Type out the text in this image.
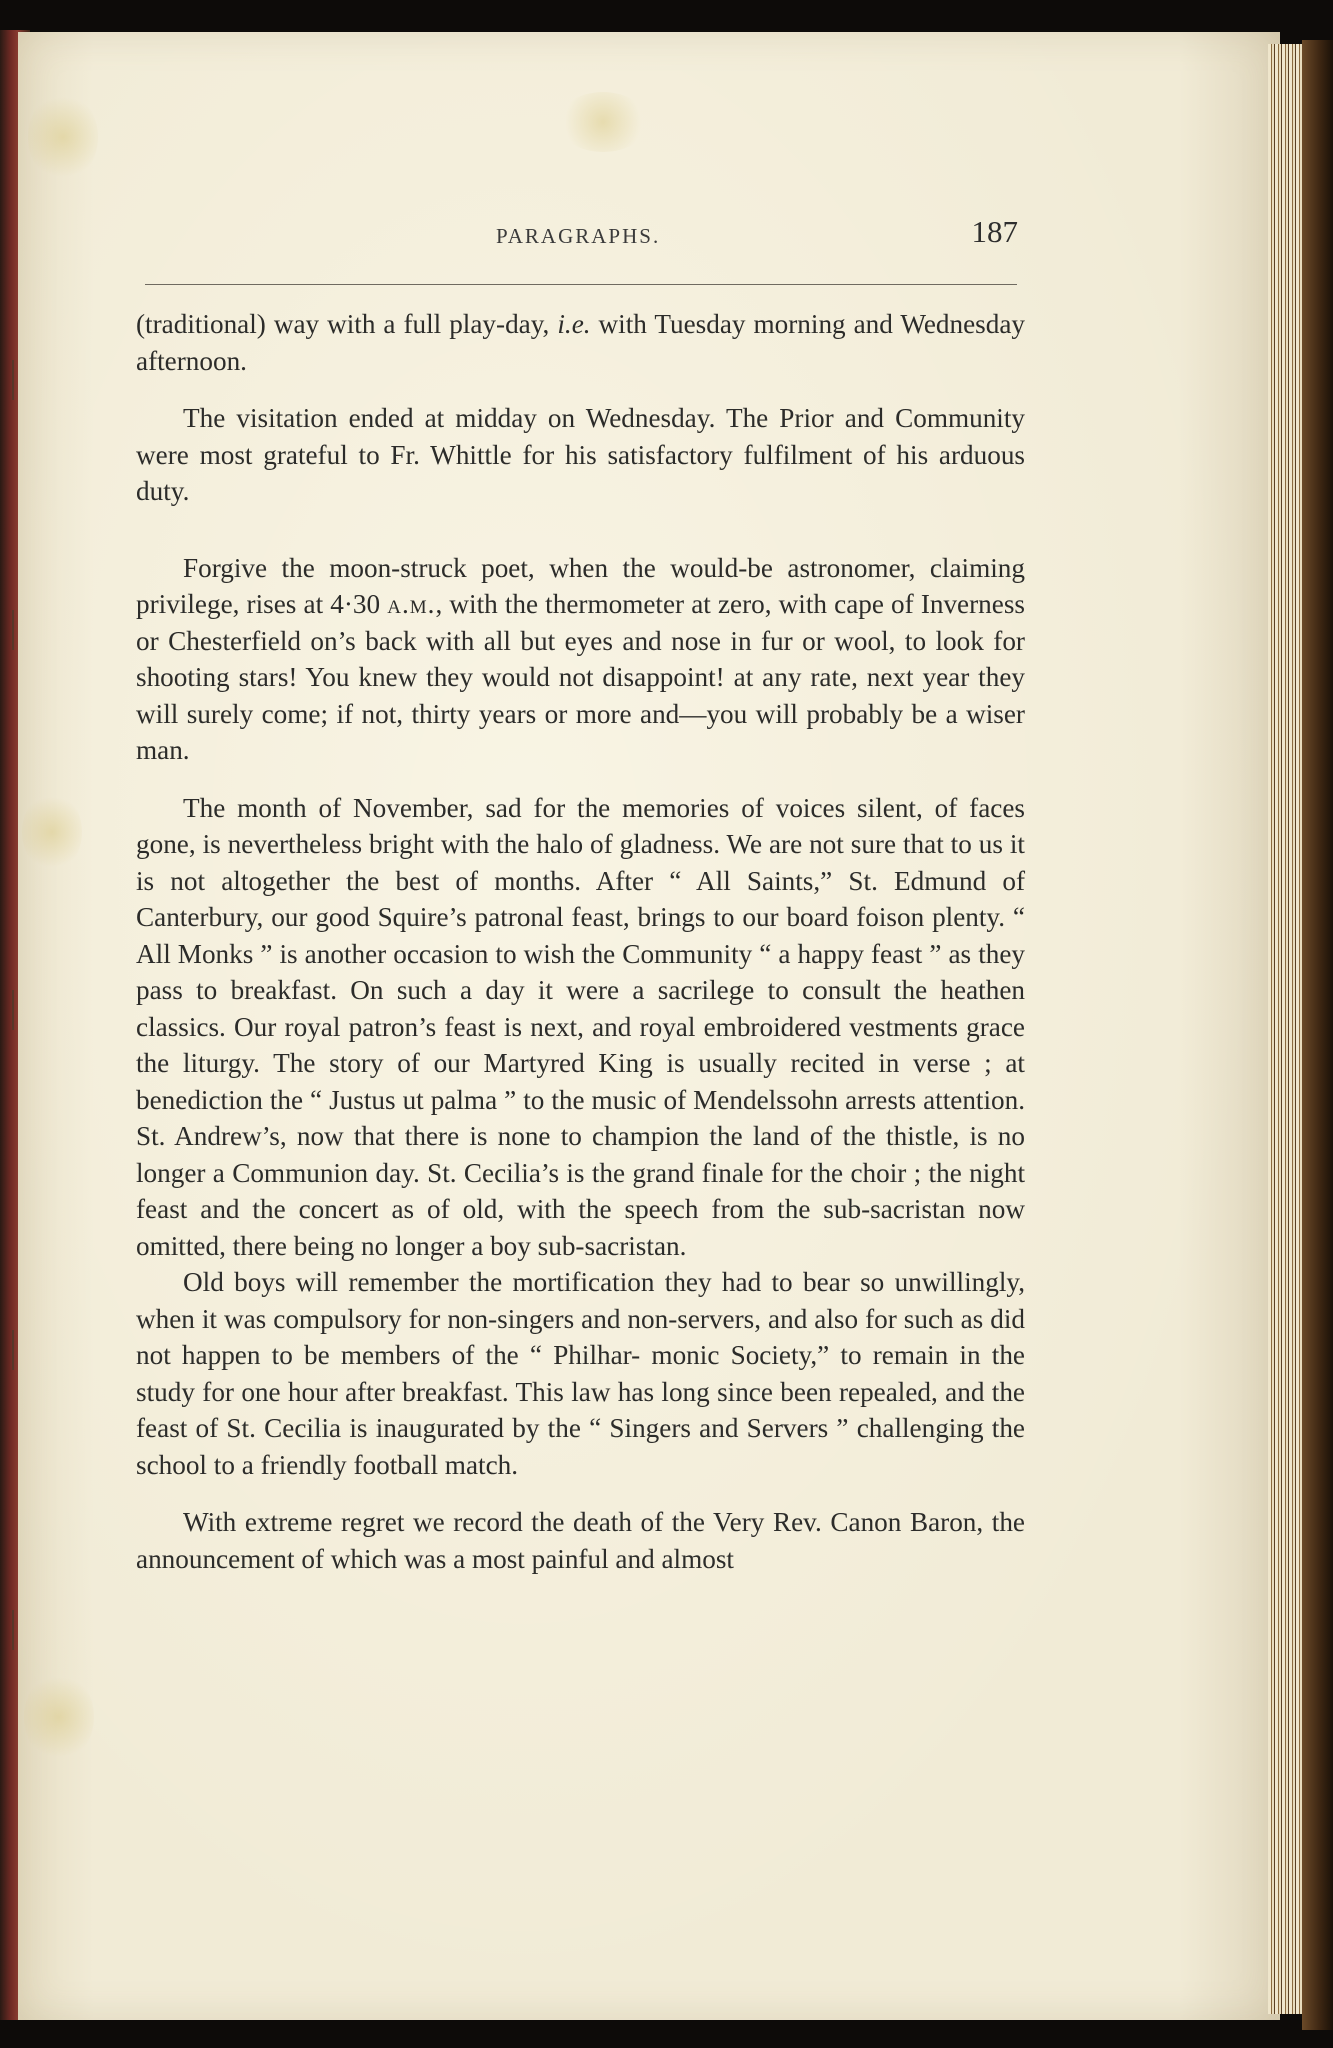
PARAGRAPHS.	187

(traditional) way with a full play-day, i.e. with Tuesday morning and Wednesday afternoon.

The visitation ended at midday on Wednesday. The Prior and Community were most grateful to Fr. Whittle for his satisfactory fulfilment of his arduous duty.

Forgive the moon-struck poet, when the would-be astronomer, claiming privilege, rises at 4·30 a.m., with the thermometer at zero, with cape of Inverness or Chesterfield on’s back with all but eyes and nose in fur or wool, to look for shooting stars! You knew they would not disappoint! at any rate, next year they will surely come; if not, thirty years or more and—you will probably be a wiser man.

The month of November, sad for the memories of voices silent, of faces gone, is nevertheless bright with the halo of gladness. We are not sure that to us it is not altogether the best of months. After “ All Saints,” St. Edmund of Canterbury, our good Squire’s patronal feast, brings to our board foison plenty. “ All Monks ” is another occasion to wish the Community “ a happy feast ” as they pass to breakfast. On such a day it were a sacrilege to consult the heathen classics. Our royal patron’s feast is next, and royal embroidered vestments grace the liturgy. The story of our Martyred King is usually recited in verse ; at benediction the “ Justus ut palma ” to the music of Mendelssohn arrests attention. St. Andrew’s, now that there is none to champion the land of the thistle, is no longer a Communion day. St. Cecilia’s is the grand finale for the choir ; the night feast and the concert as of old, with the speech from the sub-sacristan now omitted, there being no longer a boy sub-sacristan.

Old boys will remember the mortification they had to bear so unwillingly, when it was compulsory for non-singers and non-servers, and also for such as did not happen to be members of the “ Philhar- monic Society,” to remain in the study for one hour after breakfast. This law has long since been repealed, and the feast of St. Cecilia is inaugurated by the “ Singers and Servers ” challenging the school to a friendly football match.

With extreme regret we record the death of the Very Rev. Canon Baron, the announcement of which was a most painful and almost
